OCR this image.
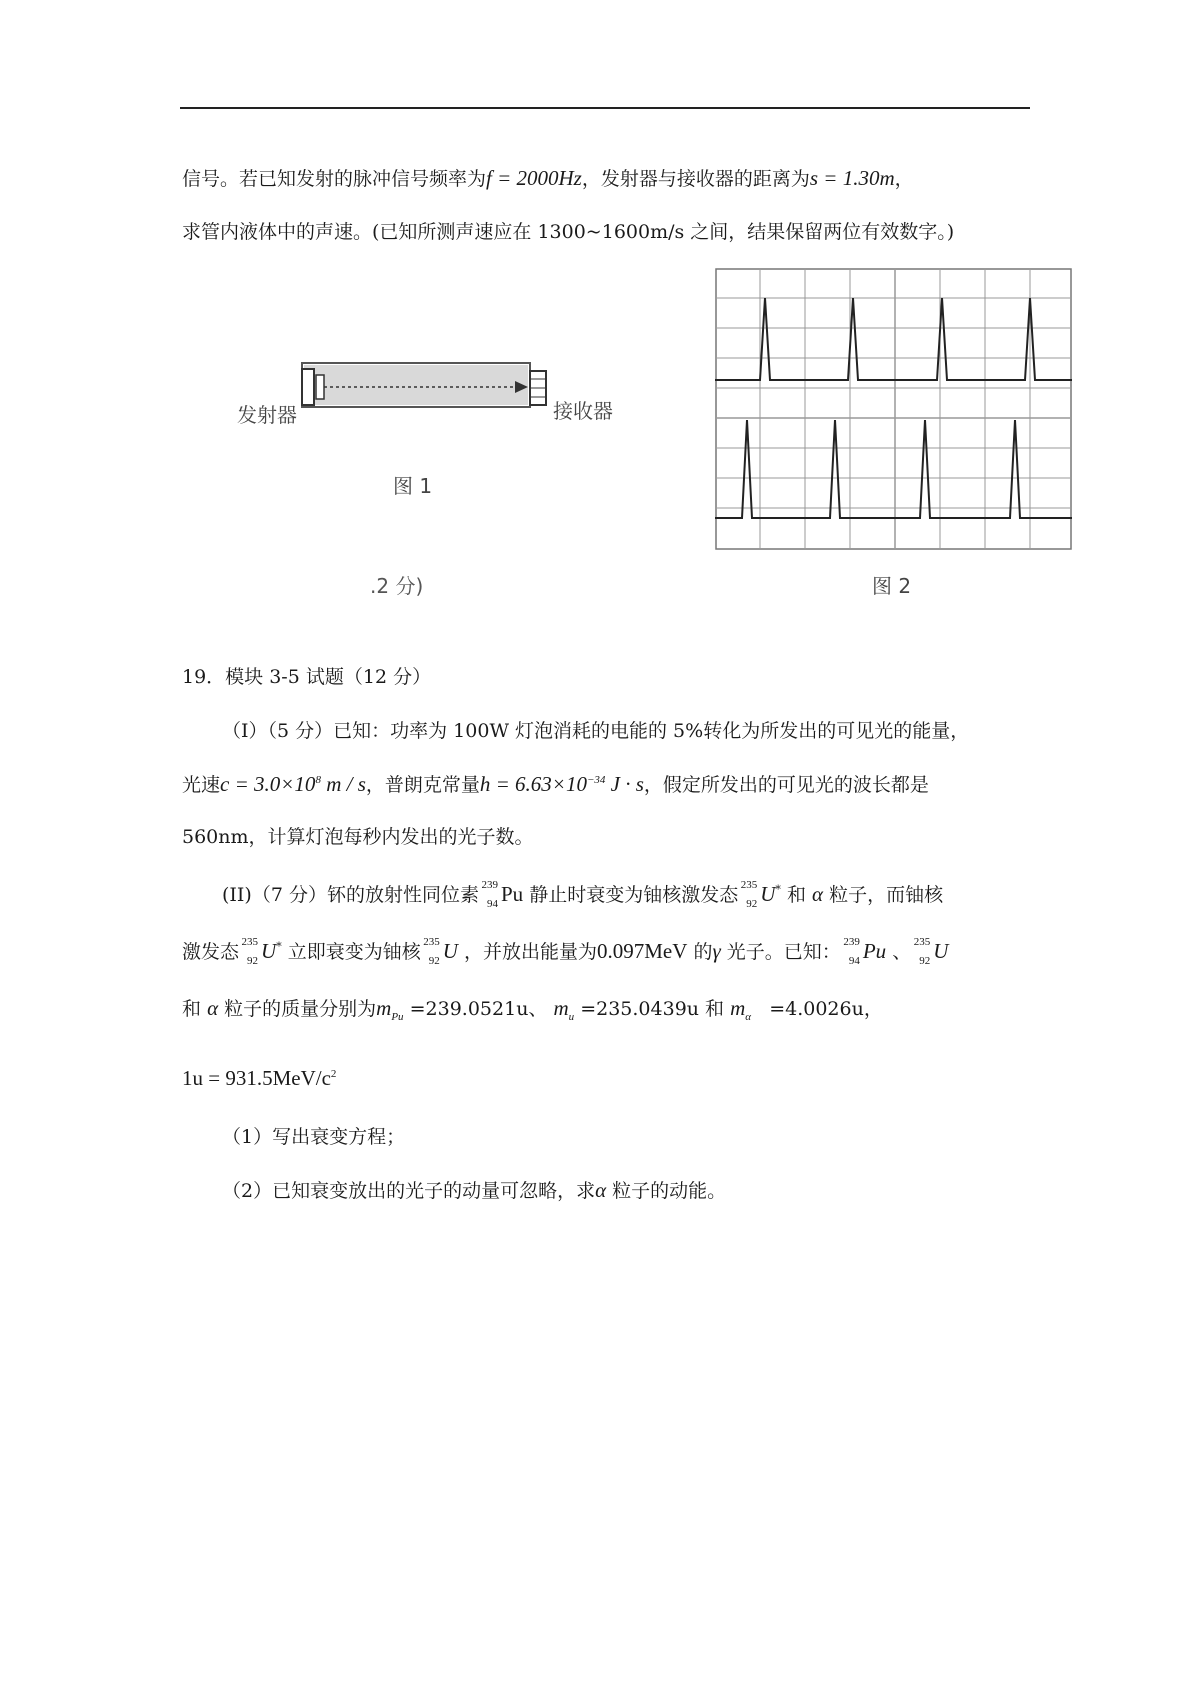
信号。若已知发射的脉冲信号频率为f = 2000Hz，发射器与接收器的距离为s = 1.30m，
求管内液体中的声速。(已知所测声速应在 1300~1600m/s 之间，结果保留两位有效数字。)
发射器	接收器
图 1
.2 分)	图 2
19．模块 3-5 试题（12 分）
（I）（5 分）已知：功率为 100W 灯泡消耗的电能的 5%转化为所发出的可见光的能量，
光速$c = 3.0\times 10^8$ m / s，普朗克常量$h = 6.63\times 10^{-34}$ J · s，假定所发出的可见光的波长都是
560nm，计算灯泡每秒内发出的光子数。
(II)（7 分）钚的放射性同位素 239
94 Pu 静止时衰变为铀核激发态 235
92 U* 和 α 粒子，而铀核
激发态 235
92 U* 立即衰变为铀核 235
92 U ，并放出能量为0.097MeV 的γ 光子。已知： 239
94 Pu 、 235
92 U
和 α 粒子的质量分别为$m_{Pu} =239.0521u$、 $m_u =235.0439u$ 和 $m_\alpha =4.0026u$，
$1u = 931.5MeV/c^2$
（1）写出衰变方程；
（2）已知衰变放出的光子的动量可忽略，求α 粒子的动能。
